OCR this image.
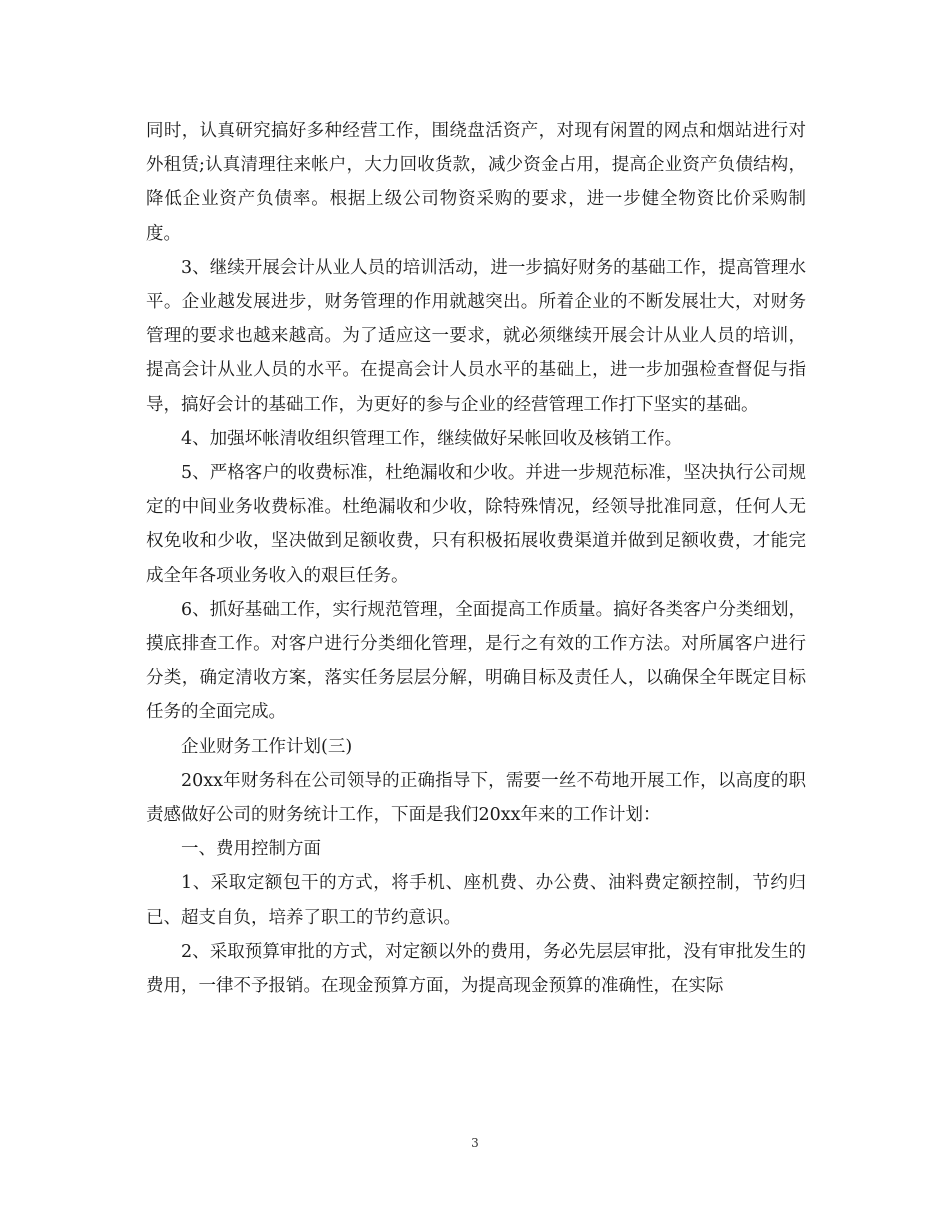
同时，认真研究搞好多种经营工作，围绕盘活资产，对现有闲置的网点和烟站进行对外租赁;认真清理往来帐户，大力回收货款，减少资金占用，提高企业资产负债结构，降低企业资产负债率。根据上级公司物资采购的要求，进一步健全物资比价采购制度。

3、继续开展会计从业人员的培训活动，进一步搞好财务的基础工作，提高管理水平。企业越发展进步，财务管理的作用就越突出。所着企业的不断发展壮大，对财务管理的要求也越来越高。为了适应这一要求，就必须继续开展会计从业人员的培训，提高会计从业人员的水平。在提高会计人员水平的基础上，进一步加强检查督促与指导，搞好会计的基础工作，为更好的参与企业的经营管理工作打下坚实的基础。

4、加强坏帐清收组织管理工作，继续做好呆帐回收及核销工作。

5、严格客户的收费标准，杜绝漏收和少收。并进一步规范标准，坚决执行公司规定的中间业务收费标准。杜绝漏收和少收，除特殊情况，经领导批准同意，任何人无权免收和少收，坚决做到足额收费，只有积极拓展收费渠道并做到足额收费，才能完成全年各项业务收入的艰巨任务。

6、抓好基础工作，实行规范管理，全面提高工作质量。搞好各类客户分类细划，摸底排查工作。对客户进行分类细化管理，是行之有效的工作方法。对所属客户进行分类，确定清收方案，落实任务层层分解，明确目标及责任人，以确保全年既定目标任务的全面完成。

企业财务工作计划(三)

20xx年财务科在公司领导的正确指导下，需要一丝不苟地开展工作，以高度的职责感做好公司的财务统计工作，下面是我们20xx年来的工作计划：

一、费用控制方面

1、采取定额包干的方式，将手机、座机费、办公费、油料费定额控制，节约归已、超支自负，培养了职工的节约意识。

2、采取预算审批的方式，对定额以外的费用，务必先层层审批，没有审批发生的费用，一律不予报销。在现金预算方面，为提高现金预算的准确性，在实际

3
